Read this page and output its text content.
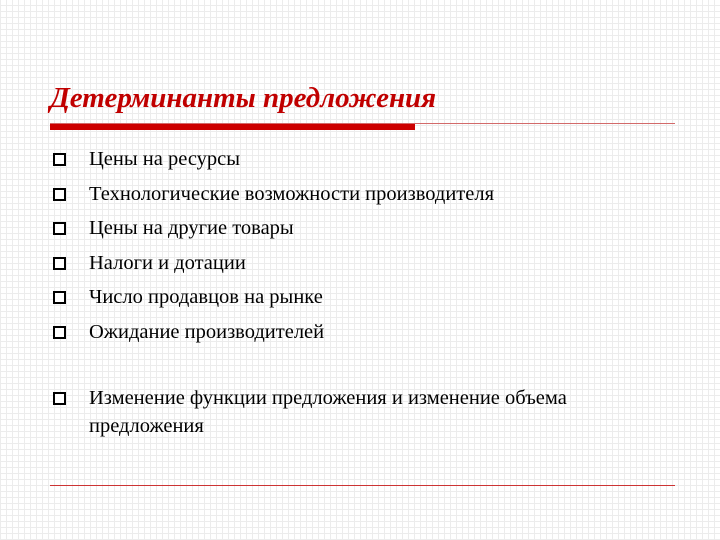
Детерминанты предложения
Цены на ресурсы
Технологические возможности производителя
Цены на другие товары
Налоги и дотации
Число продавцов на рынке
Ожидание производителей
Изменение функции предложения и изменение объема предложения
